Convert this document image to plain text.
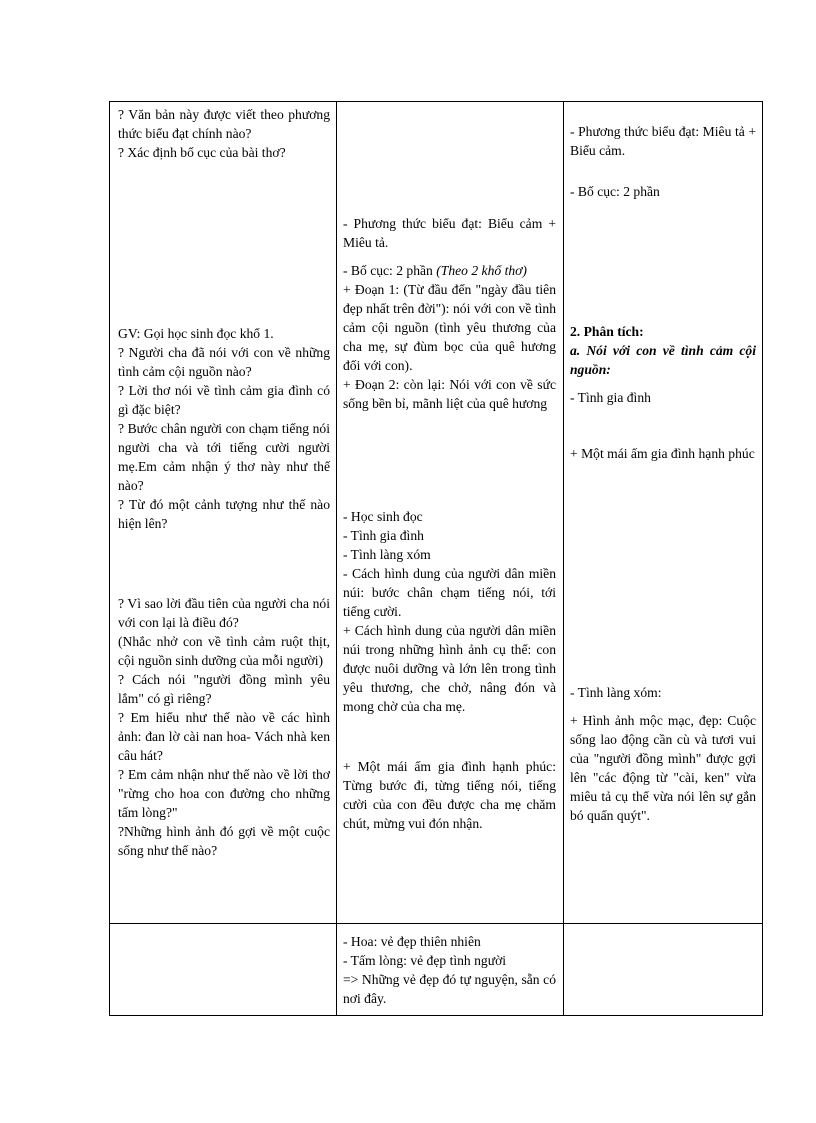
? Văn bản này được viết theo phương thức biểu đạt chính nào?

? Xác định bố cục của bài thơ?

GV: Gọi học sinh đọc khổ 1.

? Người cha đã nói với con về những tình cảm cội nguồn nào?

? Lời thơ nói về tình cảm gia đình có gì đặc biệt?

? Bước chân người con chạm tiếng nói người cha và tới tiếng cười người mẹ.Em cảm nhận ý thơ này như thế nào?

? Từ đó một cảnh tượng như thế nào hiện lên?

? Vì sao lời đầu tiên của người cha nói với con lại là điều đó?

(Nhắc nhở con về tình cảm ruột thịt, cội nguồn sinh dưỡng của mỗi người)

? Cách nói "người đồng mình yêu lắm" có gì riêng?

? Em hiểu như thế nào về các hình ảnh: đan lờ cài nan hoa- Vách nhà ken câu hát?

? Em cảm nhận như thế nào về lời thơ "rừng cho hoa con đường cho những tấm lòng?"

?Những hình ảnh đó gợi về một cuộc sống như thế nào?

- Phương thức biểu đạt: Biểu cảm + Miêu tả.

- Bố cục: 2 phần (Theo 2 khổ thơ)

+ Đoạn 1: (Từ đầu đến "ngày đầu tiên đẹp nhất trên đời"): nói với con về tình cảm cội nguồn (tình yêu thương của cha mẹ, sự đùm bọc của quê hương đối với con).

+ Đoạn 2: còn lại: Nói với con về sức sống bền bỉ, mãnh liệt của quê hương

- Học sinh đọc

- Tình gia đình

- Tình làng xóm

- Cách hình dung của người dân miền núi: bước chân chạm tiếng nói, tới tiếng cười.

+ Cách hình dung của người dân miền núi trong những hình ảnh cụ thể: con được nuôi dưỡng và lớn lên trong tình yêu thương, che chở, nâng đón và mong chờ của cha mẹ.

+ Một mái ấm gia đình hạnh phúc: Từng bước đi, từng tiếng nói, tiếng cười của con đều được cha mẹ chăm chút, mừng vui đón nhận.

- Hoa: vẻ đẹp thiên nhiên

- Tấm lòng: vẻ đẹp tình người

=> Những vẻ đẹp đó tự nguyện, sẵn có nơi đây.

- Phương thức biểu đạt: Miêu tả + Biểu cảm.

- Bố cục: 2 phần

2. Phân tích:

a. Nói với con về tình cảm cội nguồn:

- Tình gia đình

+ Một mái ấm gia đình hạnh phúc

- Tình làng xóm:

+ Hình ảnh mộc mạc, đẹp: Cuộc sống lao động cần cù và tươi vui của "người đồng mình" được gợi lên "các động từ "cài, ken" vừa miêu tả cụ thể vừa nói lên sự gắn bó quấn quýt".
